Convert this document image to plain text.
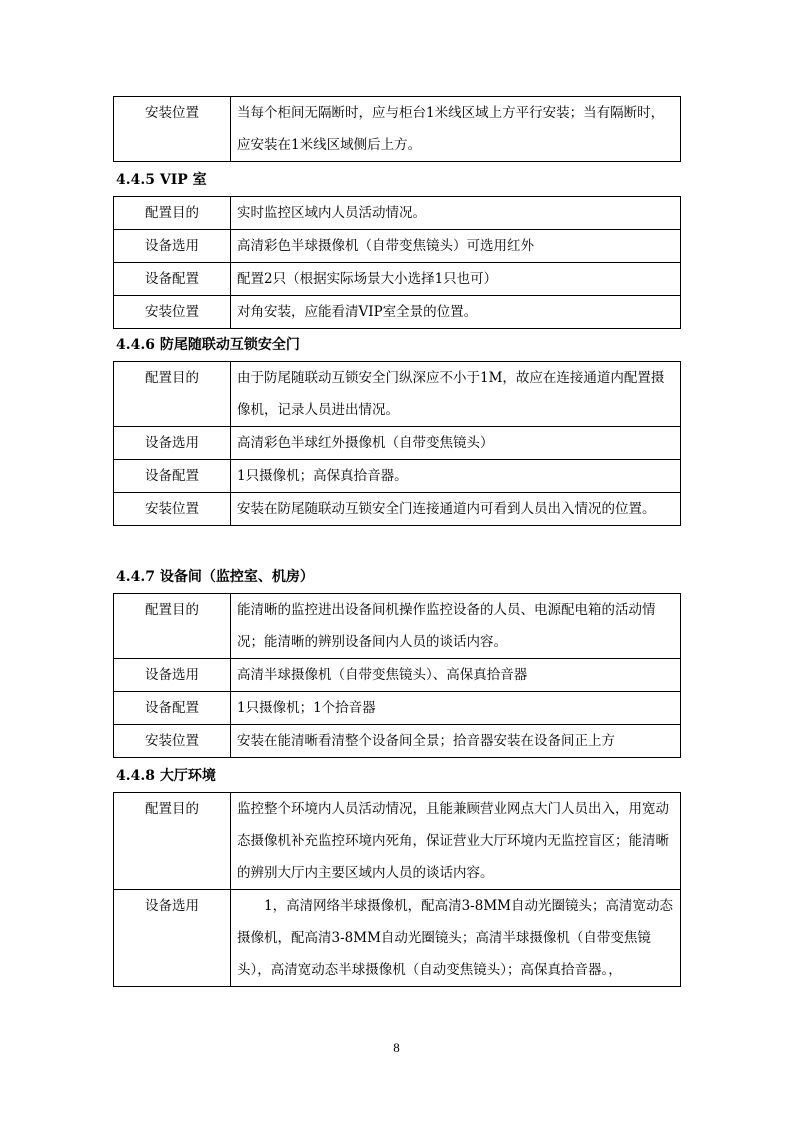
安装位置	当每个柜间无隔断时，应与柜台1米线区域上方平行安装；当有隔断时，应安装在1米线区域侧后上方。
4.4.5 VIP 室
配置目的	实时监控区域内人员活动情况。
设备选用	高清彩色半球摄像机（自带变焦镜头）可选用红外
设备配置	配置2只（根据实际场景大小选择1只也可）
安装位置	对角安装，应能看清VIP室全景的位置。
4.4.6 防尾随联动互锁安全门
配置目的	由于防尾随联动互锁安全门纵深应不小于1M，故应在连接通道内配置摄像机，记录人员进出情况。
设备选用	高清彩色半球红外摄像机（自带变焦镜头）
设备配置	1只摄像机；高保真拾音器。
安装位置	安装在防尾随联动互锁安全门连接通道内可看到人员出入情况的位置。
4.4.7 设备间（监控室、机房）
配置目的	能清晰的监控进出设备间机操作监控设备的人员、电源配电箱的活动情况；能清晰的辨别设备间内人员的谈话内容。
设备选用	高清半球摄像机（自带变焦镜头）、高保真拾音器
设备配置	1只摄像机；1个拾音器
安装位置	安装在能清晰看清整个设备间全景；拾音器安装在设备间正上方
4.4.8 大厅环境
配置目的	监控整个环境内人员活动情况，且能兼顾营业网点大门人员出入，用宽动态摄像机补充监控环境内死角，保证营业大厅环境内无监控盲区；能清晰的辨别大厅内主要区域内人员的谈话内容。
设备选用	1，高清网络半球摄像机，配高清3-8MM自动光圈镜头；高清宽动态摄像机，配高清3-8MM自动光圈镜头；高清半球摄像机（自带变焦镜头），高清宽动态半球摄像机（自动变焦镜头）；高保真拾音器。，
8
